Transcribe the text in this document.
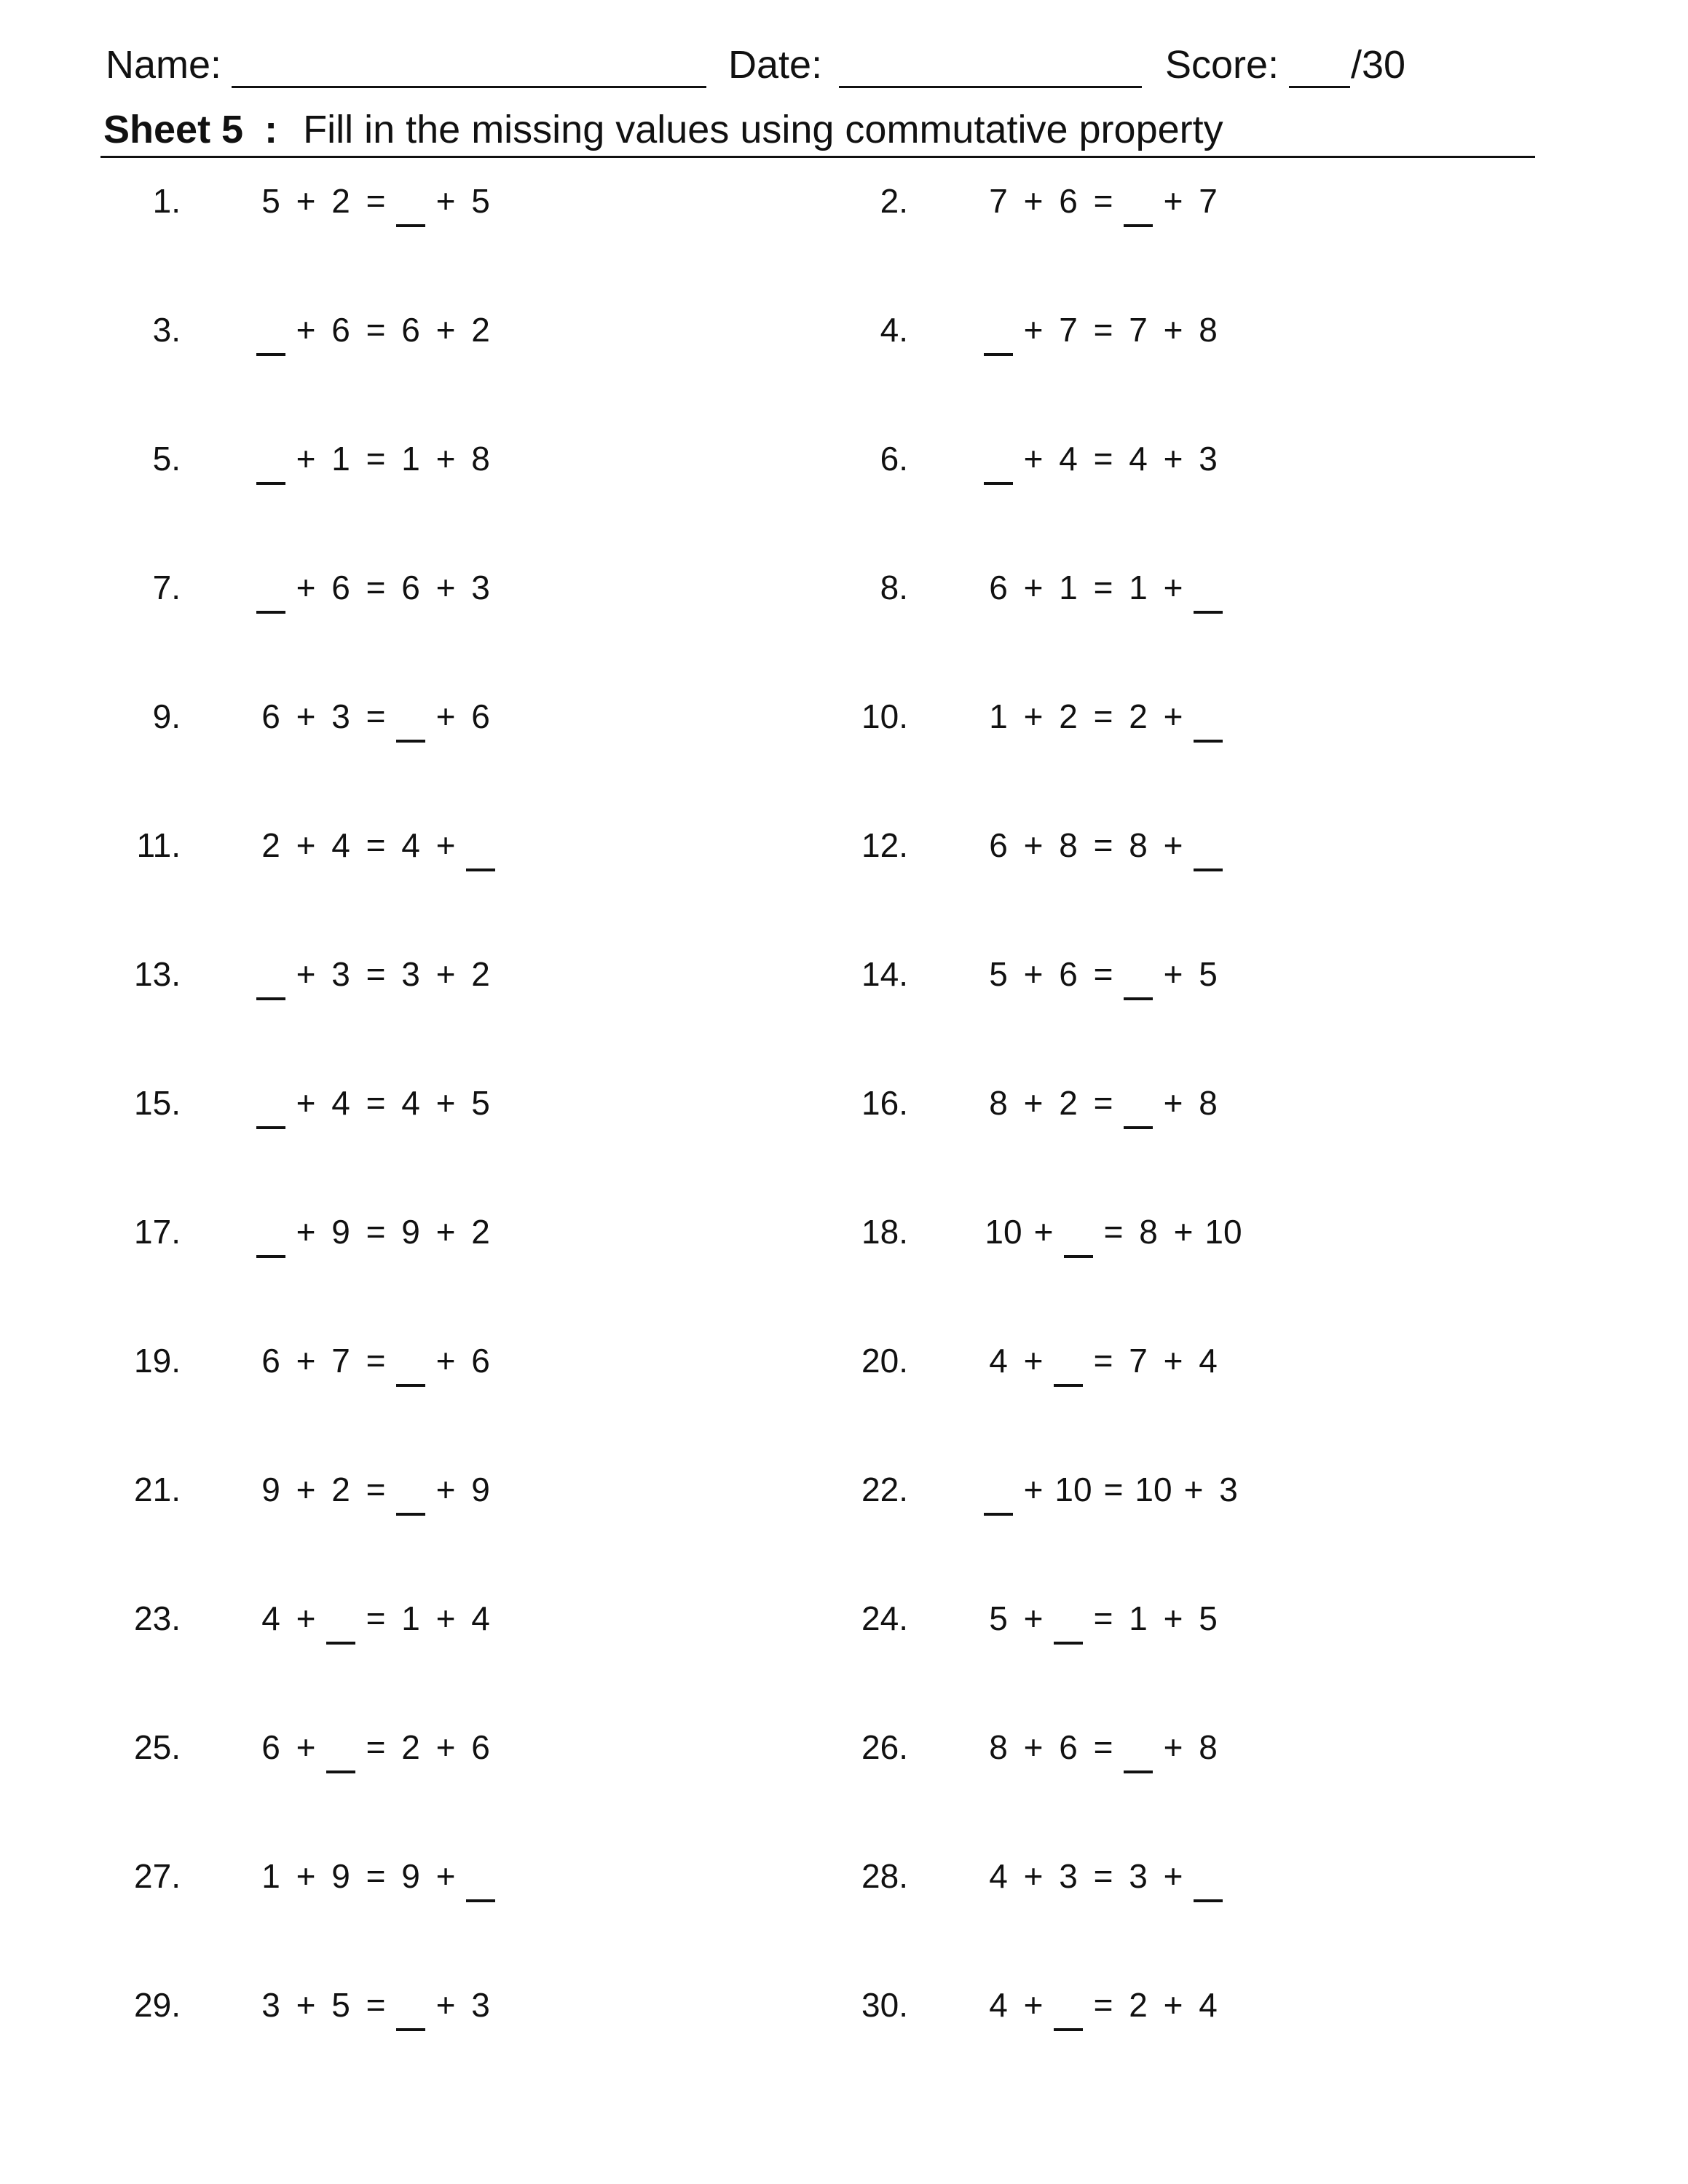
Name:	Date:	Score: /30
Sheet 5 : Fill in the missing values using commutative property
1. 5 + 2 = + 5	2. 7 + 6 = + 7
3.	+ 6 = 6 + 2	4.	+ 7 = 7 + 8
5.	+ 1 = 1 + 8	6.	+ 4 = 4 + 3
7.	+ 6 = 6 + 3	8. 6 + 1 = 1 +
9. 6 + 3 = + 6	10. 1 + 2 = 2 +
11. 2 + 4 = 4 +	12. 6 + 8 = 8 +
13.	+ 3 = 3 + 2	14. 5 + 6 = + 5
15.	+ 4 = 4 + 5	16. 8 + 2 = + 8
17.	+ 9 = 9 + 2	18. 10 + = 8 + 10
19. 6 + 7 = + 6	20. 4 + = 7 + 4
21. 9 + 2 = + 9	22.	+ 10 = 10 + 3
23. 4 + = 1 + 4	24. 5 + = 1 + 5
25. 6 + = 2 + 6	26. 8 + 6 = + 8
27. 1 + 9 = 9 +	28. 4 + 3 = 3 +
29. 3 + 5 = + 3	30. 4 + = 2 + 4
